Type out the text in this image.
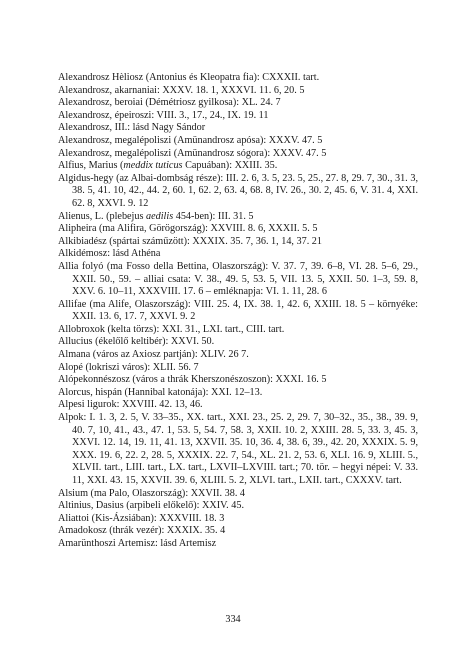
Alexandrosz Hèliosz (Antonius és Kleopatra fia): CXXXII. tart.

Alexandrosz, akarnaniai: XXXV. 18. 1, XXXVI. 11. 6, 20. 5

Alexandrosz, beroiai (Démétriosz gyilkosa): XL. 24. 7

Alexandrosz, épeiroszi: VIII. 3., 17., 24., IX. 19. 11

Alexandrosz, III.: lásd Nagy Sándor

Alexandrosz, megalépoliszi (Amünandrosz apósa): XXXV. 47. 5

Alexandrosz, megalépoliszi (Amünandrosz sógora): XXXV. 47. 5

Alfius, Marius (meddix tuticus Capuában): XXIII. 35.

Algidus-hegy (az Albai-dombság része): III. 2. 6, 3. 5, 23. 5, 25., 27. 8, 29. 7, 30., 31. 3, 38. 5, 41. 10, 42., 44. 2, 60. 1, 62. 2, 63. 4, 68. 8, IV. 26., 30. 2, 45. 6, V. 31. 4, XXI. 62. 8, XXVI. 9. 12

Alienus, L. (plebejus aedilis 454-ben): III. 31. 5

Alipheira (ma Alifira, Görögország): XXVIII. 8. 6, XXXII. 5. 5

Alkibiadész (spártai száműzött): XXXIX. 35. 7, 36. 1, 14, 37. 21

Alkidémosz: lásd Athéna

Allia folyó (ma Fosso della Bettina, Olaszország): V. 37. 7, 39. 6–8, VI. 28. 5–6, 29., XXII. 50., 59. – alliai csata: V. 38., 49. 5, 53. 5, VII. 13. 5, XXII. 50. 1–3, 59. 8, XXV. 6. 10–11, XXXVIII. 17. 6 – emléknapja: VI. 1. 11, 28. 6

Allifae (ma Alife, Olaszország): VIII. 25. 4, IX. 38. 1, 42. 6, XXIII. 18. 5 – környéke: XXII. 13. 6, 17. 7, XXVI. 9. 2

Allobroxok (kelta törzs): XXI. 31., LXI. tart., CIII. tart.

Allucius (ékelőlő keltibér): XXVI. 50.

Almana (város az Axiosz partján): XLIV. 26 7.

Alopé (lokriszi város): XLII. 56. 7

Alópekonnészosz (város a thrák Kherszonészoszon): XXXI. 16. 5

Alorcus, hispán (Hannibal katonája): XXI. 12–13.

Alpesi ligurok: XXVIII. 42. 13, 46.

Alpok: I. 1. 3, 2. 5, V. 33–35., XX. tart., XXI. 23., 25. 2, 29. 7, 30–32., 35., 38., 39. 9, 40. 7, 10, 41., 43., 47. 1, 53. 5, 54. 7, 58. 3, XXII. 10. 2, XXIII. 28. 5, 33. 3, 45. 3, XXVI. 12. 14, 19. 11, 41. 13, XXVII. 35. 10, 36. 4, 38. 6, 39., 42. 20, XXXIX. 5. 9, XXX. 19. 6, 22. 2, 28. 5, XXXIX. 22. 7, 54., XL. 21. 2, 53. 6, XLI. 16. 9, XLIII. 5., XLVII. tart., LIII. tart., LX. tart., LXVII–LXVIII. tart.; 70. tör. – hegyi népei: V. 33. 11, XXI. 43. 15, XXVII. 39. 6, XLIII. 5. 2, XLVI. tart., LXII. tart., CXXXV. tart.

Alsium (ma Palo, Olaszország): XXVII. 38. 4

Altinius, Dasius (arpibeli előkelő): XXIV. 45.

Aliattoi (Kis-Ázsiában): XXXVIII. 18. 3

Amadokosz (thrák vezér): XXXIX. 35. 4

Amarünthoszi Artemisz: lásd Artemisz

334
